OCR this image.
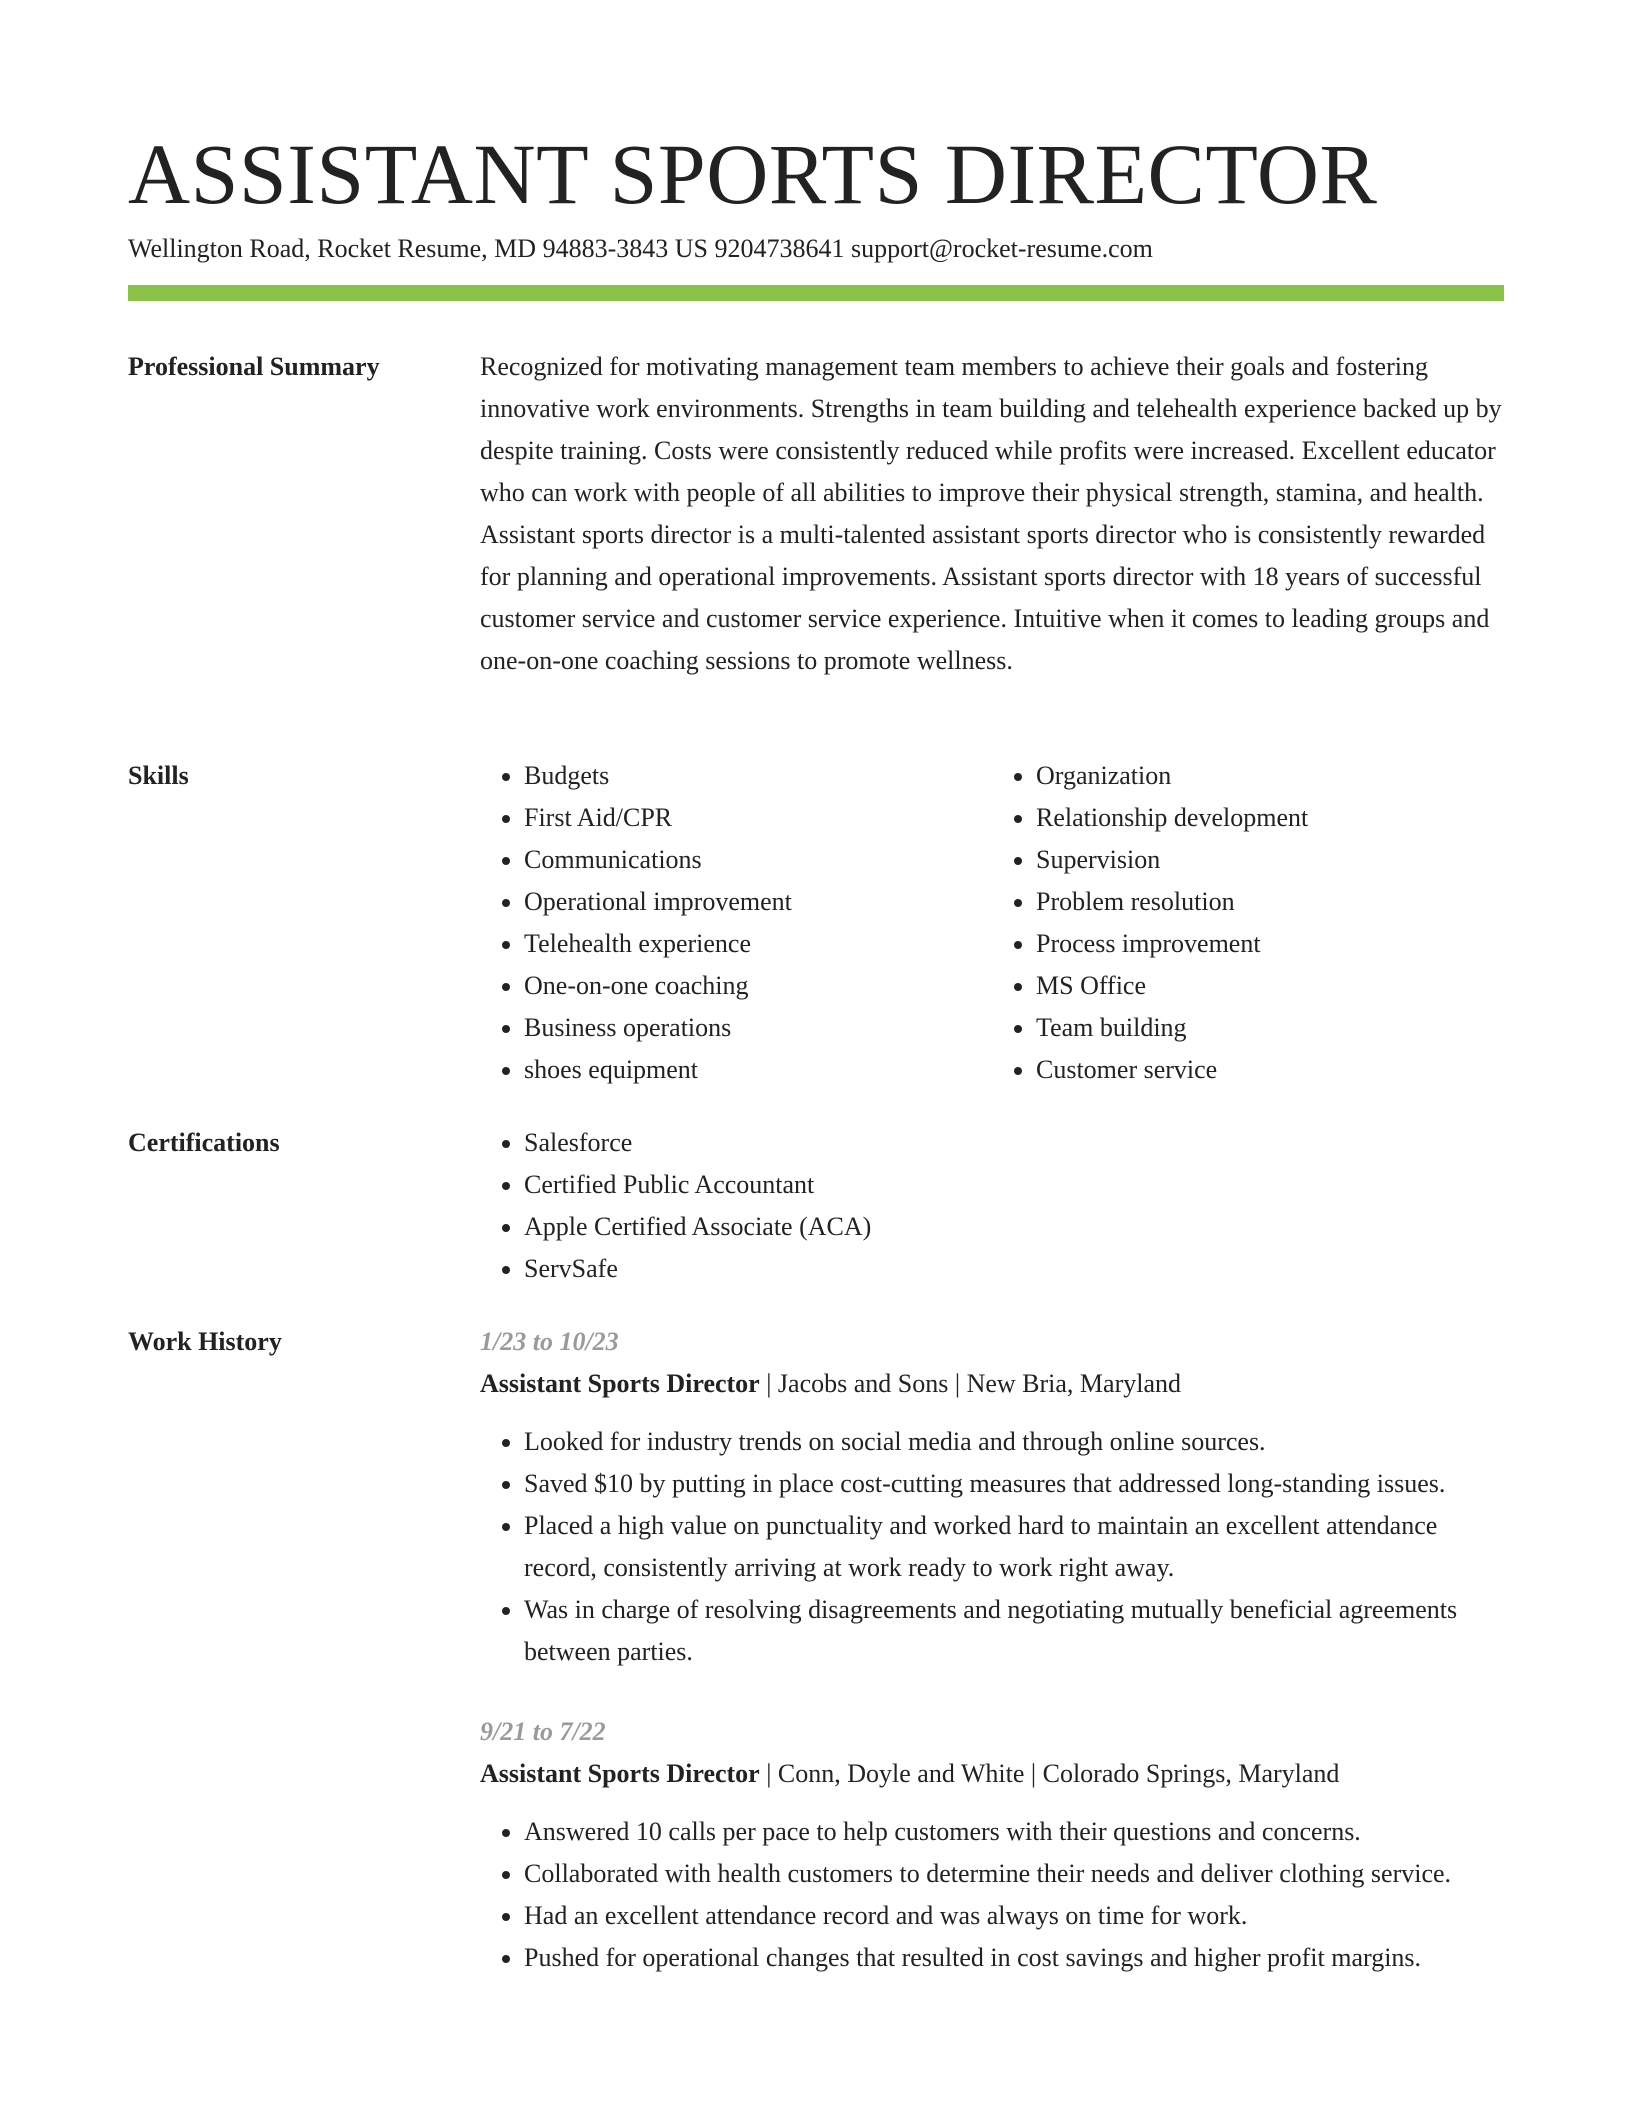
ASSISTANT SPORTS DIRECTOR
Wellington Road, Rocket Resume, MD 94883-3843 US 9204738641 support@rocket-resume.com
Professional Summary	Recognized for motivating management team members to achieve their goals and fostering innovative work environments. Strengths in team building and telehealth experience backed up by despite training. Costs were consistently reduced while profits were increased. Excellent educator who can work with people of all abilities to improve their physical strength, stamina, and health. Assistant sports director is a multi-talented assistant sports director who is consistently rewarded for planning and operational improvements. Assistant sports director with 18 years of successful customer service and customer service experience. Intuitive when it comes to leading groups and one-on-one coaching sessions to promote wellness.

Skills	• Budgets
• First Aid/CPR
• Communications
• Operational improvement
• Telehealth experience
• One-on-one coaching
• Business operations
• shoes equipment
• Organization
• Relationship development
• Supervision
• Problem resolution
• Process improvement
• MS Office
• Team building
• Customer service
Certifications	• Salesforce
• Certified Public Accountant
• Apple Certified Associate (ACA)
• ServSafe
Work History	1/23 to 10/23
Assistant Sports Director | Jacobs and Sons | New Bria, Maryland
• Looked for industry trends on social media and through online sources.
• Saved $10 by putting in place cost-cutting measures that addressed long-standing issues.
• Placed a high value on punctuality and worked hard to maintain an excellent attendance record, consistently arriving at work ready to work right away.
• Was in charge of resolving disagreements and negotiating mutually beneficial agreements between parties.
9/21 to 7/22
Assistant Sports Director | Conn, Doyle and White | Colorado Springs, Maryland
• Answered 10 calls per pace to help customers with their questions and concerns.
• Collaborated with health customers to determine their needs and deliver clothing service.
• Had an excellent attendance record and was always on time for work.
• Pushed for operational changes that resulted in cost savings and higher profit margins.
